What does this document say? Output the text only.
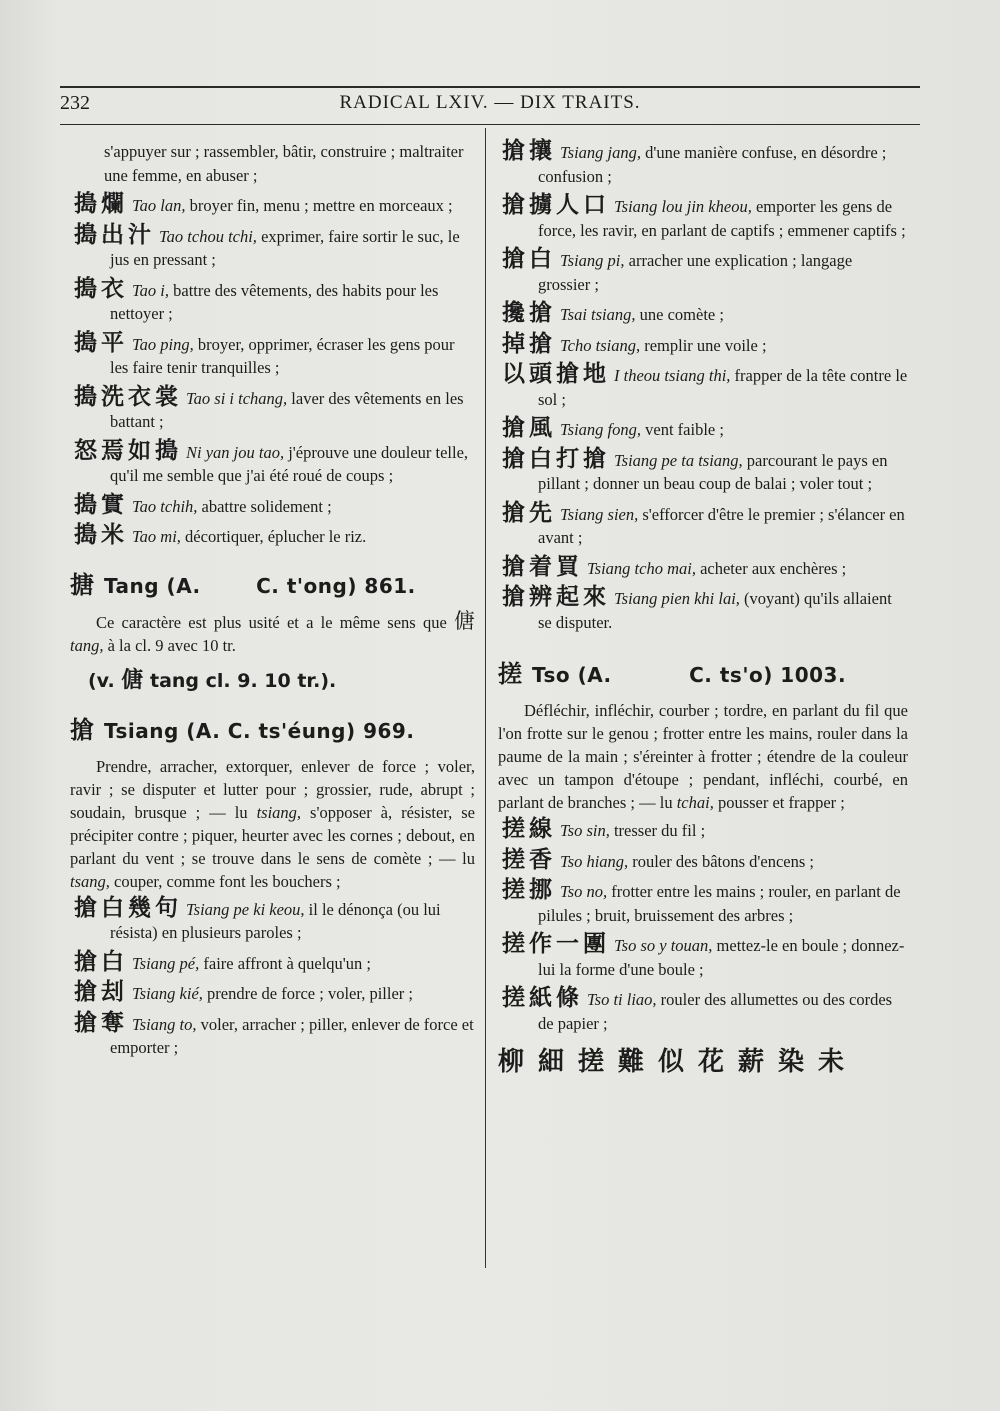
232	RADICAL LXIV. — DIX TRAITS.
s'appuyer sur ; rassembler, bâtir, construire ; maltraiter une femme, en abuser ;
搗爛 Tao lan, broyer fin, menu ; mettre en morceaux ;
搗出汁 Tao tchou tchi, exprimer, faire sortir le suc, le jus en pressant ;
搗衣 Tao i, battre des vêtements, des habits pour les nettoyer ;
搗平 Tao ping, broyer, opprimer, écraser les gens pour les faire tenir tranquilles ;
搗洗衣裳 Tao si i tchang, laver des vêtements en les battant ;
怒焉如搗 Ni yan jou tao, j'éprouve une douleur telle, qu'il me semble que j'ai été roué de coups ;
搗實 Tao tchih, abattre solidement ;
搗米 Tao mi, décortiquer, éplucher le riz.
搪 Tang (A.	C. t'ong) 861.
Ce caractère est plus usité et a le même sens que 傏 tang, à la cl. 9 avec 10 tr.
(v. 傏 tang cl. 9. 10 tr.).
搶 Tsiang (A. C. ts'éung) 969.
Prendre, arracher, extorquer, enlever de force ; voler, ravir ; se disputer et lutter pour ; grossier, rude, abrupt ; soudain, brusque ; — lu tsiang, s'opposer à, résister, se précipiter contre ; piquer, heurter avec les cornes ; debout, en parlant du vent ; se trouve dans le sens de comète ; — lu tsang, couper, comme font les bouchers ;
搶白幾句 Tsiang pe ki keou, il le dénonça (ou lui résista) en plusieurs paroles ;
搶白 Tsiang pé, faire affront à quelqu'un ;
搶刦 Tsiang kié, prendre de force ; voler, piller ;
搶奪 Tsiang to, voler, arracher ; piller, enlever de force et emporter ;
搶攘 Tsiang jang, d'une manière confuse, en désordre ; confusion ;
搶擄人口 Tsiang lou jin kheou, emporter les gens de force, les ravir, en parlant de captifs ; emmener captifs ;
搶白 Tsiang pi, arracher une explication ; langage grossier ;
攙搶 Tsai tsiang, une comète ;
掉搶 Tcho tsiang, remplir une voile ;
以頭搶地 I theou tsiang thi, frapper de la tête contre le sol ;
搶風 Tsiang fong, vent faible ;
搶白打搶 Tsiang pe ta tsiang, parcourant le pays en pillant ; donner un beau coup de balai ; voler tout ;
搶先 Tsiang sien, s'efforcer d'être le premier ; s'élancer en avant ;
搶着買 Tsiang tcho mai, acheter aux enchères ;
搶辨起來 Tsiang pien khi lai, (voyant) qu'ils allaient se disputer.
搓 Tso (A.	C. ts'o) 1003.
Défléchir, infléchir, courber ; tordre, en parlant du fil que l'on frotte sur le genou ; frotter entre les mains, rouler dans la paume de la main ; s'éreinter à frotter ; étendre de la couleur avec un tampon d'étoupe ; pendant, infléchi, courbé, en parlant de branches ; — lu tchai, pousser et frapper ;
搓線 Tso sin, tresser du fil ;
搓香 Tso hiang, rouler des bâtons d'encens ;
搓挪 Tso no, frotter entre les mains ; rouler, en parlant de pilules ; bruit, bruissement des arbres ;
搓作一團 Tso so y touan, mettez-le en boule ; donnez-lui la forme d'une boule ;
搓紙條 Tso ti liao, rouler des allumettes ou des cordes de papier ;
柳細搓難似花薪染未
